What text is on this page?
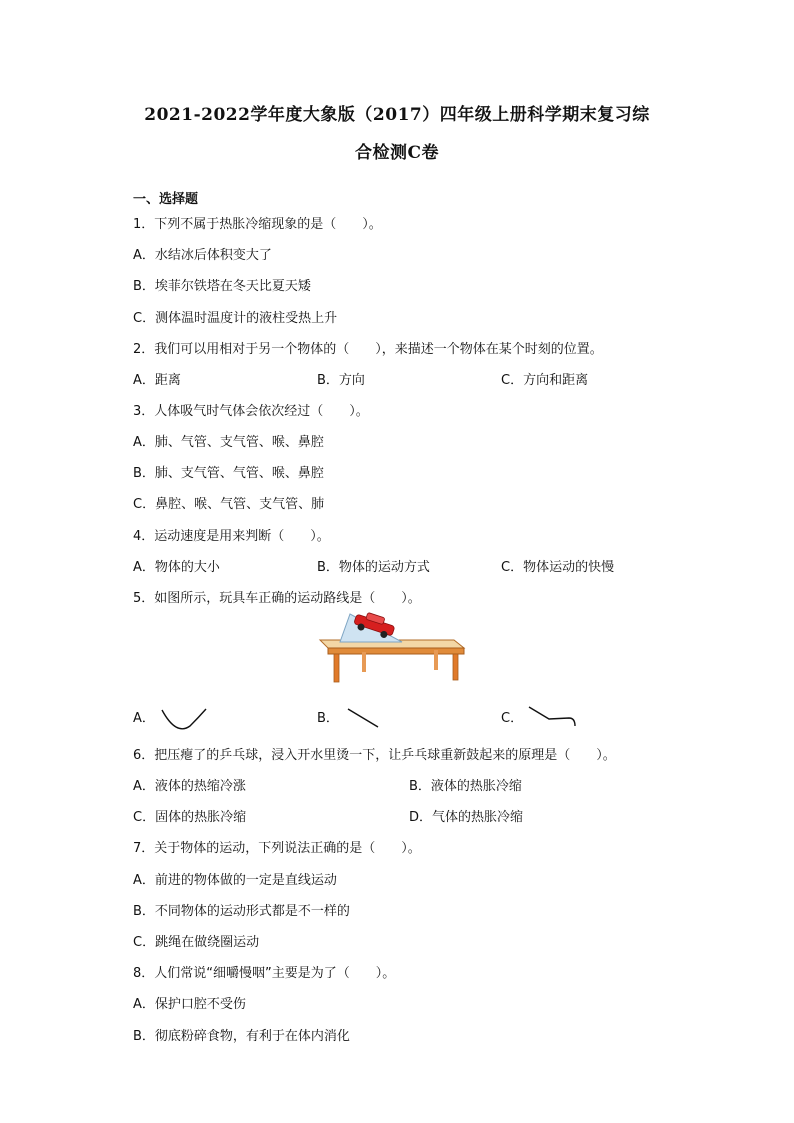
2021-2022学年度大象版（2017）四年级上册科学期末复习综
合检测C卷
一、选择题
1．下列不属于热胀冷缩现象的是（　　）。
A．水结冰后体积变大了
B．埃菲尔铁塔在冬天比夏天矮
C．测体温时温度计的液柱受热上升
2．我们可以用相对于另一个物体的（　　），来描述一个物体在某个时刻的位置。
A．距离	B．方向	C．方向和距离
3．人体吸气时气体会依次经过（　　）。
A．肺、气管、支气管、喉、鼻腔
B．肺、支气管、气管、喉、鼻腔
C．鼻腔、喉、气管、支气管、肺
4．运动速度是用来判断（　　）。
A．物体的大小	B．物体的运动方式	C．物体运动的快慢
5．如图所示，玩具车正确的运动路线是（　　）。
A．	B．	C．
6．把压瘪了的乒乓球，浸入开水里烫一下，让乒乓球重新鼓起来的原理是（　　）。
A．液体的热缩冷涨	B．液体的热胀冷缩
C．固体的热胀冷缩	D．气体的热胀冷缩
7．关于物体的运动，下列说法正确的是（　　）。
A．前进的物体做的一定是直线运动
B．不同物体的运动形式都是不一样的
C．跳绳在做绕圈运动
8．人们常说“细嚼慢咽”主要是为了（　　）。
A．保护口腔不受伤
B．彻底粉碎食物，有利于在体内消化
